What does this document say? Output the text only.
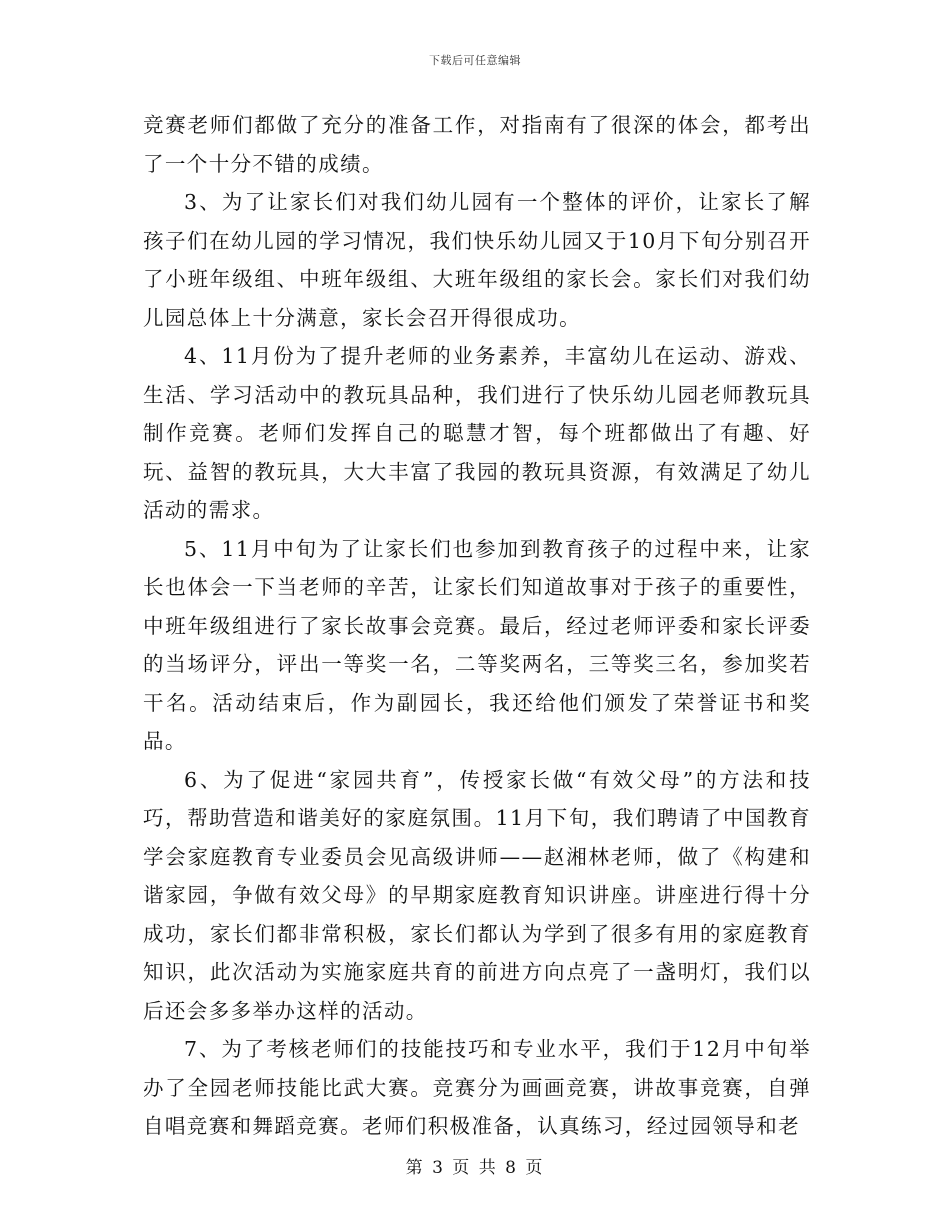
下载后可任意编辑

竞赛老师们都做了充分的准备工作，对指南有了很深的体会，都考出了一个十分不错的成绩。

3、为了让家长们对我们幼儿园有一个整体的评价，让家长了解孩子们在幼儿园的学习情况，我们快乐幼儿园又于10月下旬分别召开了小班年级组、中班年级组、大班年级组的家长会。家长们对我们幼儿园总体上十分满意，家长会召开得很成功。

4、11月份为了提升老师的业务素养，丰富幼儿在运动、游戏、生活、学习活动中的教玩具品种，我们进行了快乐幼儿园老师教玩具制作竞赛。老师们发挥自己的聪慧才智，每个班都做出了有趣、好玩、益智的教玩具，大大丰富了我园的教玩具资源，有效满足了幼儿活动的需求。

5、11月中旬为了让家长们也参加到教育孩子的过程中来，让家长也体会一下当老师的辛苦，让家长们知道故事对于孩子的重要性，中班年级组进行了家长故事会竞赛。最后，经过老师评委和家长评委的当场评分，评出一等奖一名，二等奖两名，三等奖三名，参加奖若干名。活动结束后，作为副园长，我还给他们颁发了荣誉证书和奖品。

6、为了促进“家园共育”，传授家长做“有效父母”的方法和技巧，帮助营造和谐美好的家庭氛围。11月下旬，我们聘请了中国教育学会家庭教育专业委员会见高级讲师——赵湘林老师，做了《构建和谐家园，争做有效父母》的早期家庭教育知识讲座。讲座进行得十分成功，家长们都非常积极，家长们都认为学到了很多有用的家庭教育知识，此次活动为实施家庭共育的前进方向点亮了一盏明灯，我们以后还会多多举办这样的活动。

7、为了考核老师们的技能技巧和专业水平，我们于12月中旬举办了全园老师技能比武大赛。竞赛分为画画竞赛，讲故事竞赛，自弹自唱竞赛和舞蹈竞赛。老师们积极准备，认真练习，经过园领导和老

第 3 页 共 8 页
